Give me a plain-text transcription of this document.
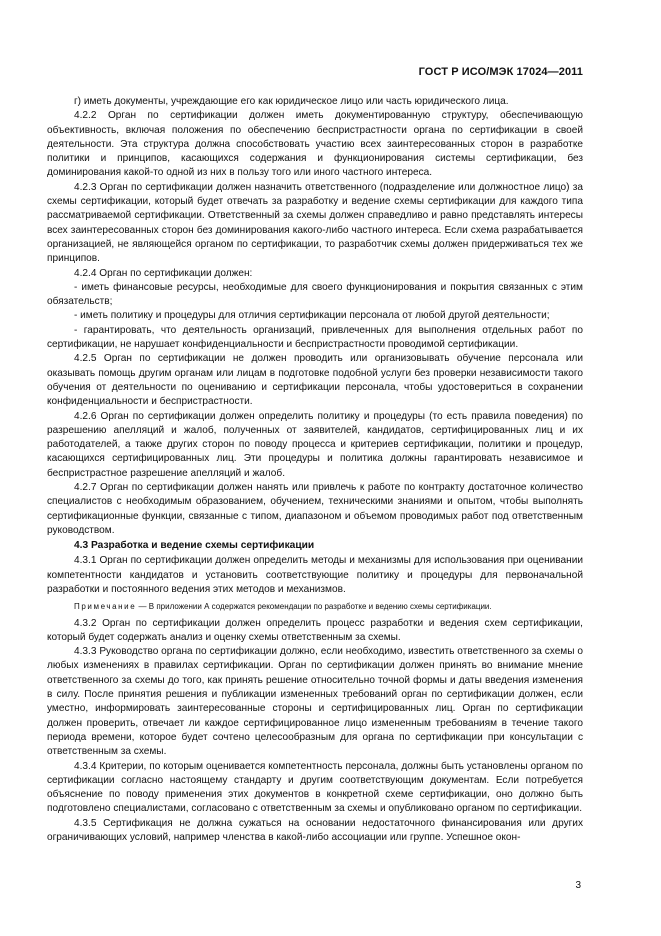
ГОСТ Р ИСО/МЭК 17024—2011

г) иметь документы, учреждающие его как юридическое лицо или часть юридического лица.

4.2.2 Орган по сертификации должен иметь документированную структуру, обеспечивающую объективность, включая положения по обеспечению беспристрастности органа по сертификации в своей деятельности. Эта структура должна способствовать участию всех заинтересованных сторон в разработке политики и принципов, касающихся содержания и функционирования системы сертификации, без доминирования какой-то одной из них в пользу того или иного частного интереса.

4.2.3 Орган по сертификации должен назначить ответственного (подразделение или должностное лицо) за схемы сертификации, который будет отвечать за разработку и ведение схемы сертификации для каждого типа рассматриваемой сертификации. Ответственный за схемы должен справедливо и равно представлять интересы всех заинтересованных сторон без доминирования какого-либо частного интереса. Если схема разрабатывается организацией, не являющейся органом по сертификации, то разработчик схемы должен придерживаться тех же принципов.

4.2.4 Орган по сертификации должен:

- иметь финансовые ресурсы, необходимые для своего функционирования и покрытия связанных с этим обязательств;

- иметь политику и процедуры для отличия сертификации персонала от любой другой деятельности;

- гарантировать, что деятельность организаций, привлеченных для выполнения отдельных работ по сертификации, не нарушает конфиденциальности и беспристрастности проводимой сертификации.

4.2.5 Орган по сертификации не должен проводить или организовывать обучение персонала или оказывать помощь другим органам или лицам в подготовке подобной услуги без проверки независимости такого обучения от деятельности по оцениванию и сертификации персонала, чтобы удостовериться в сохранении конфиденциальности и беспристрастности.

4.2.6 Орган по сертификации должен определить политику и процедуры (то есть правила поведения) по разрешению апелляций и жалоб, полученных от заявителей, кандидатов, сертифицированных лиц и их работодателей, а также других сторон по поводу процесса и критериев сертификации, политики и процедур, касающихся сертифицированных лиц. Эти процедуры и политика должны гарантировать независимое и беспристрастное разрешение апелляций и жалоб.

4.2.7 Орган по сертификации должен нанять или привлечь к работе по контракту достаточное количество специалистов с необходимым образованием, обучением, техническими знаниями и опытом, чтобы выполнять сертификационные функции, связанные с типом, диапазоном и объемом проводимых работ под ответственным руководством.

4.3 Разработка и ведение схемы сертификации

4.3.1 Орган по сертификации должен определить методы и механизмы для использования при оценивании компетентности кандидатов и установить соответствующие политику и процедуры для первоначальной разработки и постоянного ведения этих методов и механизмов.

Примечание — В приложении А содержатся рекомендации по разработке и ведению схемы сертификации.

4.3.2 Орган по сертификации должен определить процесс разработки и ведения схем сертификации, который будет содержать анализ и оценку схемы ответственным за схемы.

4.3.3 Руководство органа по сертификации должно, если необходимо, известить ответственного за схемы о любых изменениях в правилах сертификации. Орган по сертификации должен принять во внимание мнение ответственного за схемы до того, как принять решение относительно точной формы и даты введения изменения в силу. После принятия решения и публикации измененных требований орган по сертификации должен, если уместно, информировать заинтересованные стороны и сертифицированных лиц. Орган по сертификации должен проверить, отвечает ли каждое сертифицированное лицо измененным требованиям в течение такого периода времени, которое будет сочтено целесообразным для органа по сертификации при консультации с ответственным за схемы.

4.3.4 Критерии, по которым оценивается компетентность персонала, должны быть установлены органом по сертификации согласно настоящему стандарту и другим соответствующим документам. Если потребуется объяснение по поводу применения этих документов в конкретной схеме сертификации, оно должно быть подготовлено специалистами, согласовано с ответственным за схемы и опубликовано органом по сертификации.

4.3.5 Сертификация не должна сужаться на основании недостаточного финансирования или других ограничивающих условий, например членства в какой-либо ассоциации или группе. Успешное окон-

3
